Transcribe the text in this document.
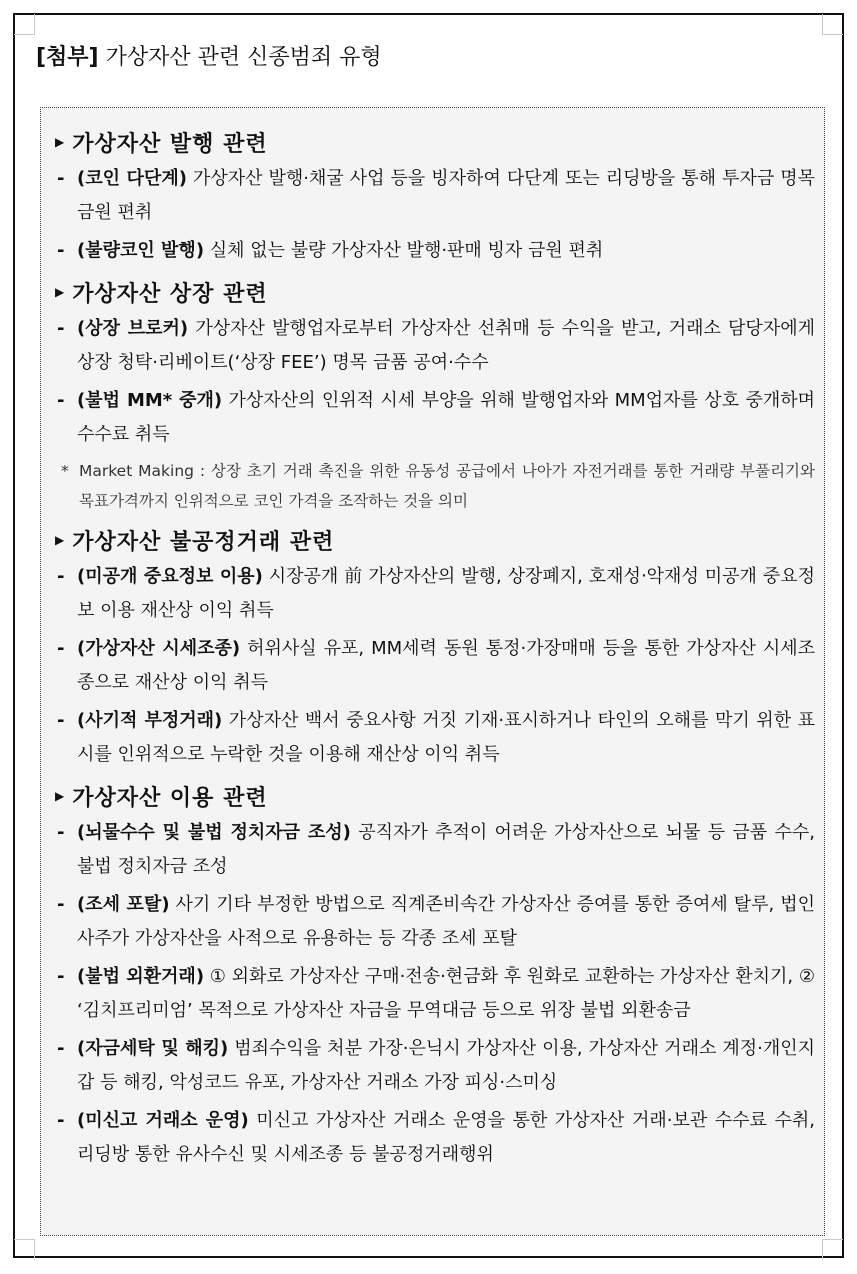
[첨부] 가상자산 관련 신종범죄 유형
▶ 가상자산 발행 관련
- (코인 다단계) 가상자산 발행·채굴 사업 등을 빙자하여 다단계 또는 리딩방을 통해 투자금 명목 금원 편취
- (불량코인 발행) 실체 없는 불량 가상자산 발행·판매 빙자 금원 편취
▶ 가상자산 상장 관련
- (상장 브로커) 가상자산 발행업자로부터 가상자산 선취매 등 수익을 받고, 거래소 담당자에게 상장 청탁·리베이트(‘상장 FEE’) 명목 금품 공여·수수
- (불법 MM* 중개) 가상자산의 인위적 시세 부양을 위해 발행업자와 MM업자를 상호 중개하며 수수료 취득
* Market Making : 상장 초기 거래 촉진을 위한 유동성 공급에서 나아가 자전거래를 통한 거래량 부풀리기와 목표가격까지 인위적으로 코인 가격을 조작하는 것을 의미
▶ 가상자산 불공정거래 관련
- (미공개 중요정보 이용) 시장공개 前 가상자산의 발행, 상장폐지, 호재성‧악재성 미공개 중요정보 이용 재산상 이익 취득
- (가상자산 시세조종) 허위사실 유포, MM세력 동원 통정·가장매매 등을 통한 가상자산 시세조종으로 재산상 이익 취득
- (사기적 부정거래) 가상자산 백서 중요사항 거짓 기재·표시하거나 타인의 오해를 막기 위한 표시를 인위적으로 누락한 것을 이용해 재산상 이익 취득
▶ 가상자산 이용 관련
- (뇌물수수 및 불법 정치자금 조성) 공직자가 추적이 어려운 가상자산으로 뇌물 등 금품 수수, 불법 정치자금 조성
- (조세 포탈) 사기 기타 부정한 방법으로 직계존비속간 가상자산 증여를 통한 증여세 탈루, 법인 사주가 가상자산을 사적으로 유용하는 등 각종 조세 포탈
- (불법 외환거래) ① 외화로 가상자산 구매·전송·현금화 후 원화로 교환하는 가상자산 환치기, ② ‘김치프리미엄’ 목적으로 가상자산 자금을 무역대금 등으로 위장 불법 외환송금
- (자금세탁 및 해킹) 범죄수익을 처분 가장·은닉시 가상자산 이용, 가상자산 거래소 계정·개인지갑 등 해킹, 악성코드 유포, 가상자산 거래소 가장 피싱·스미싱
- (미신고 거래소 운영) 미신고 가상자산 거래소 운영을 통한 가상자산 거래·보관 수수료 수취, 리딩방 통한 유사수신 및 시세조종 등 불공정거래행위
